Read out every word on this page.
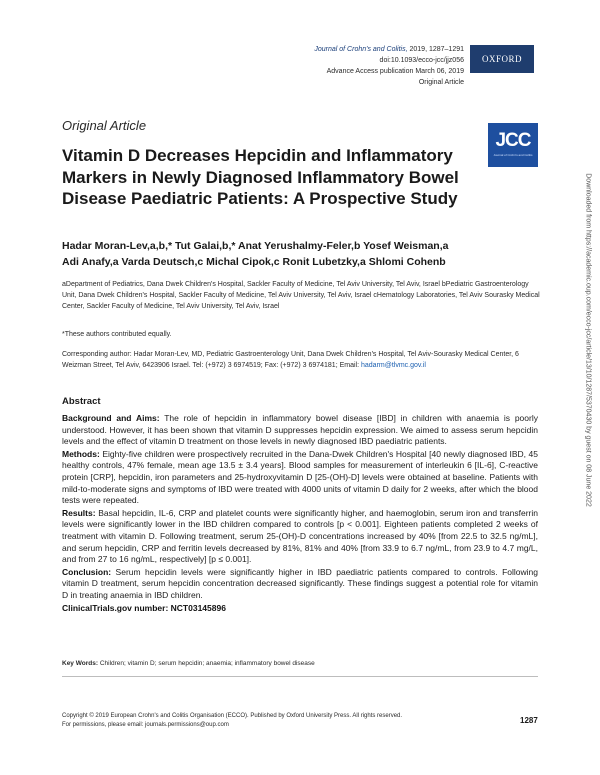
Journal of Crohn's and Colitis, 2019, 1287–1291
doi:10.1093/ecco-jcc/jjz056
Advance Access publication March 06, 2019
Original Article
OXFORD
Original Article
JCC
Journal of Crohn's and Colitis
Vitamin D Decreases Hepcidin and Inflammatory Markers in Newly Diagnosed Inflammatory Bowel Disease Paediatric Patients: A Prospective Study
Hadar Moran-Lev,a,b,* Tut Galai,b,* Anat Yerushalmy-Feler,b Yosef Weisman,a
Adi Anafy,a Varda Deutsch,c Michal Cipok,c Ronit Lubetzky,a Shlomi Cohenb
aDepartment of Pediatrics, Dana Dwek Children's Hospital, Sackler Faculty of Medicine, Tel Aviv University, Tel Aviv, Israel bPediatric Gastroenterology Unit, Dana Dwek Children's Hospital, Sackler Faculty of Medicine, Tel Aviv University, Tel Aviv, Israel cHematology Laboratories, Tel Aviv Sourasky Medical Center, Sackler Faculty of Medicine, Tel Aviv University, Tel Aviv, Israel
*These authors contributed equally.
Corresponding author: Hadar Moran-Lev, MD, Pediatric Gastroenterology Unit, Dana Dwek Children's Hospital, Tel Aviv-Sourasky Medical Center, 6 Weizman Street, Tel Aviv, 6423906 Israel. Tel: (+972) 3 6974519; Fax: (+972) 3 6974181; Email: hadarm@tlvmc.gov.il
Abstract

Background and Aims: The role of hepcidin in inflammatory bowel disease [IBD] in children with anaemia is poorly understood. However, it has been shown that vitamin D suppresses hepcidin expression. We aimed to assess serum hepcidin levels and the effect of vitamin D treatment on those levels in newly diagnosed IBD paediatric patients.

Methods: Eighty-five children were prospectively recruited in the Dana-Dwek Children's Hospital [40 newly diagnosed IBD, 45 healthy controls, 47% female, mean age 13.5 ± 3.4 years]. Blood samples for measurement of interleukin 6 [IL-6], C-reactive protein [CRP], hepcidin, iron parameters and 25-hydroxyvitamin D [25-(OH)-D] levels were obtained at baseline. Patients with mild-to-moderate signs and symptoms of IBD were treated with 4000 units of vitamin D daily for 2 weeks, after which the blood tests were repeated.

Results: Basal hepcidin, IL-6, CRP and platelet counts were significantly higher, and haemoglobin, serum iron and transferrin levels were significantly lower in the IBD children compared to controls [p < 0.001]. Eighteen patients completed 2 weeks of treatment with vitamin D. Following treatment, serum 25-(OH)-D concentrations increased by 40% [from 22.5 to 32.5 ng/mL], and serum hepcidin, CRP and ferritin levels decreased by 81%, 81% and 40% [from 33.9 to 6.7 ng/mL, from 23.9 to 4.7 mg/L, and from 27 to 16 ng/mL, respectively] [p ≤ 0.001].

Conclusion: Serum hepcidin levels were significantly higher in IBD paediatric patients compared to controls. Following vitamin D treatment, serum hepcidin concentration decreased significantly. These findings suggest a potential role for vitamin D in treating anaemia in IBD children.

ClinicalTrials.gov number: NCT03145896

Key Words: Children; vitamin D; serum hepcidin; anaemia; inflammatory bowel disease
Copyright © 2019 European Crohn's and Colitis Organisation (ECCO). Published by Oxford University Press. All rights reserved.
For permissions, please email: journals.permissions@oup.com	1287
Downloaded from https://academic.oup.com/ecco-jcc/article/13/10/1287/5370430 by guest on 08 June 2022
